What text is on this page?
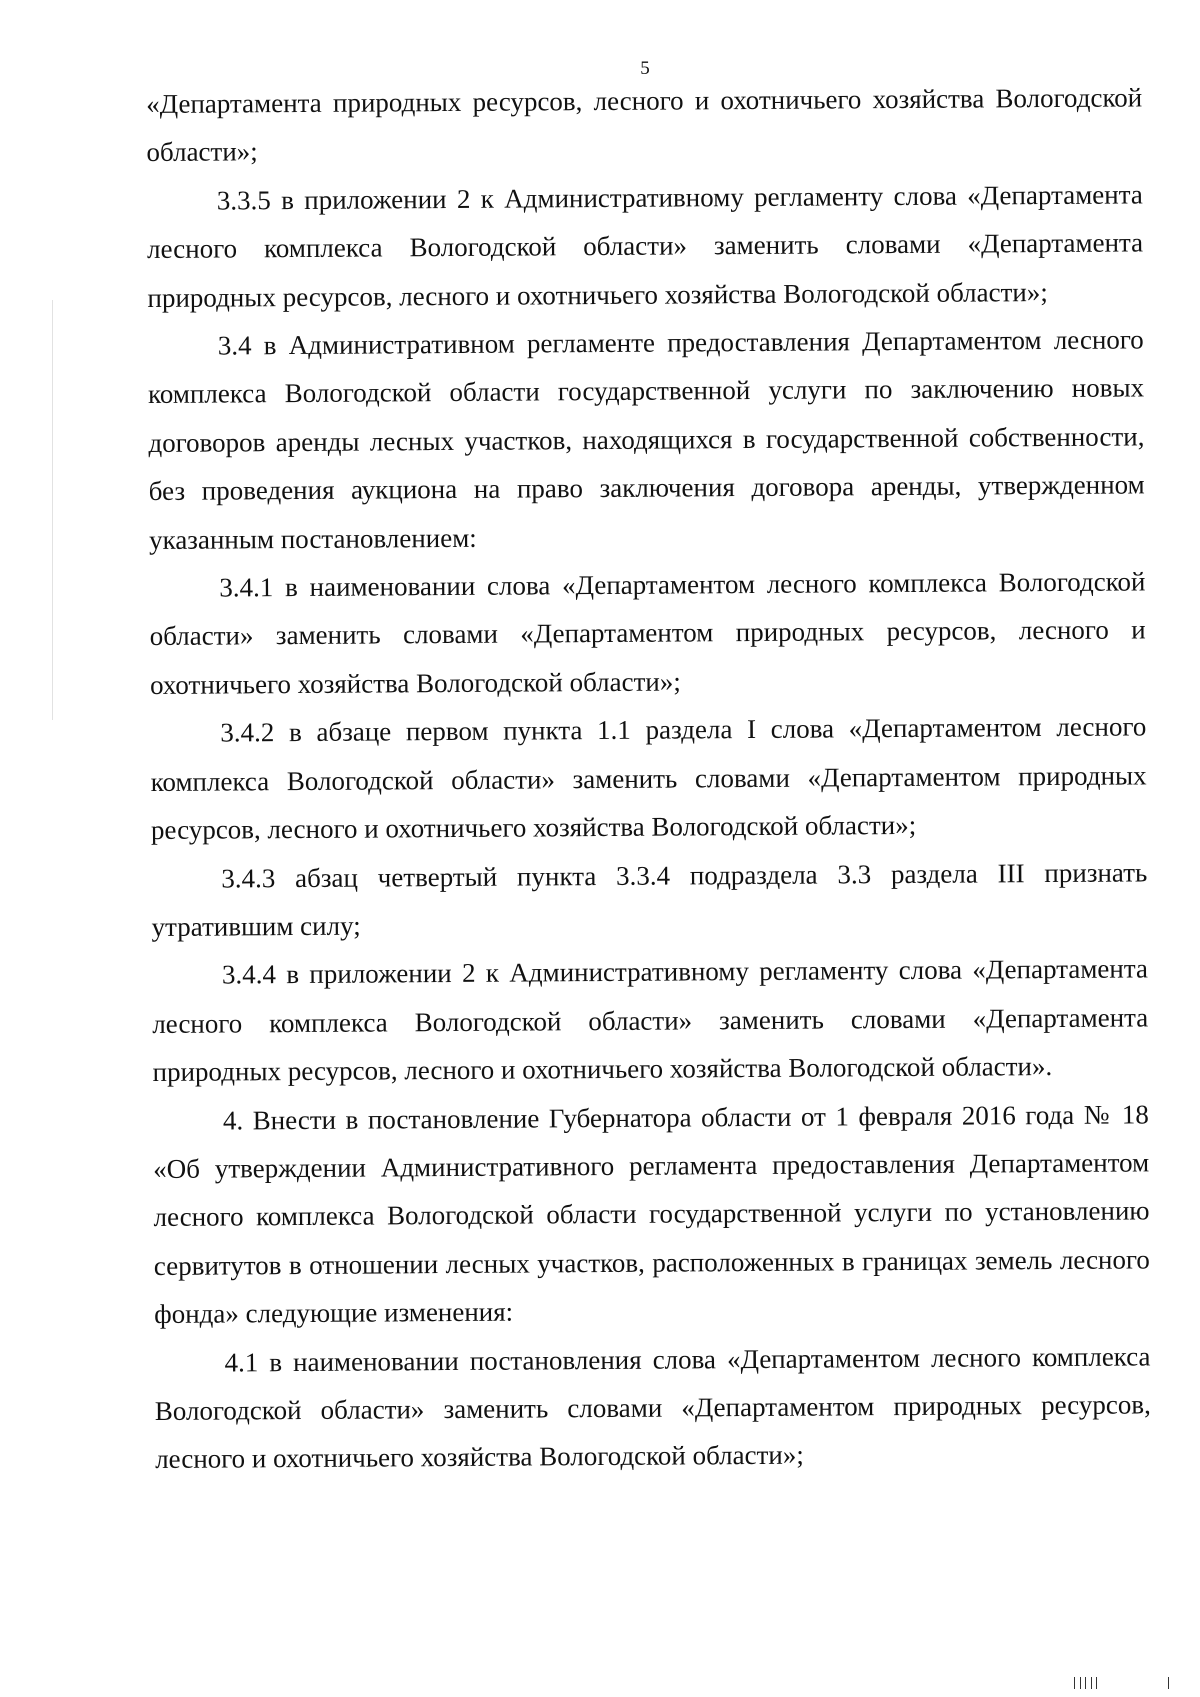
5

«Департамента природных ресурсов, лесного и охотничьего хозяйства Вологодской области»;

3.3.5 в приложении 2 к Административному регламенту слова «Департамента лесного комплекса Вологодской области» заменить словами «Департамента природных ресурсов, лесного и охотничьего хозяйства Вологодской области»;

3.4 в Административном регламенте предоставления Департаментом лесного комплекса Вологодской области государственной услуги по заключению новых договоров аренды лесных участков, находящихся в государственной собственности, без проведения аукциона на право заключения договора аренды, утвержденном указанным постановлением:

3.4.1 в наименовании слова «Департаментом лесного комплекса Вологодской области» заменить словами «Департаментом природных ресурсов, лесного и охотничьего хозяйства Вологодской области»;

3.4.2 в абзаце первом пункта 1.1 раздела I слова «Департаментом лесного комплекса Вологодской области» заменить словами «Департаментом природных ресурсов, лесного и охотничьего хозяйства Вологодской области»;

3.4.3 абзац четвертый пункта 3.3.4 подраздела 3.3 раздела III признать утратившим силу;

3.4.4 в приложении 2 к Административному регламенту слова «Департамента лесного комплекса Вологодской области» заменить словами «Департамента природных ресурсов, лесного и охотничьего хозяйства Вологодской области».

4. Внести в постановление Губернатора области от 1 февраля 2016 года № 18 «Об утверждении Административного регламента предоставления Департаментом лесного комплекса Вологодской области государственной услуги по установлению сервитутов в отношении лесных участков, расположенных в границах земель лесного фонда» следующие изменения:

4.1 в наименовании постановления слова «Департаментом лесного комплекса Вологодской области» заменить словами «Департаментом природных ресурсов, лесного и охотничьего хозяйства Вологодской области»;
